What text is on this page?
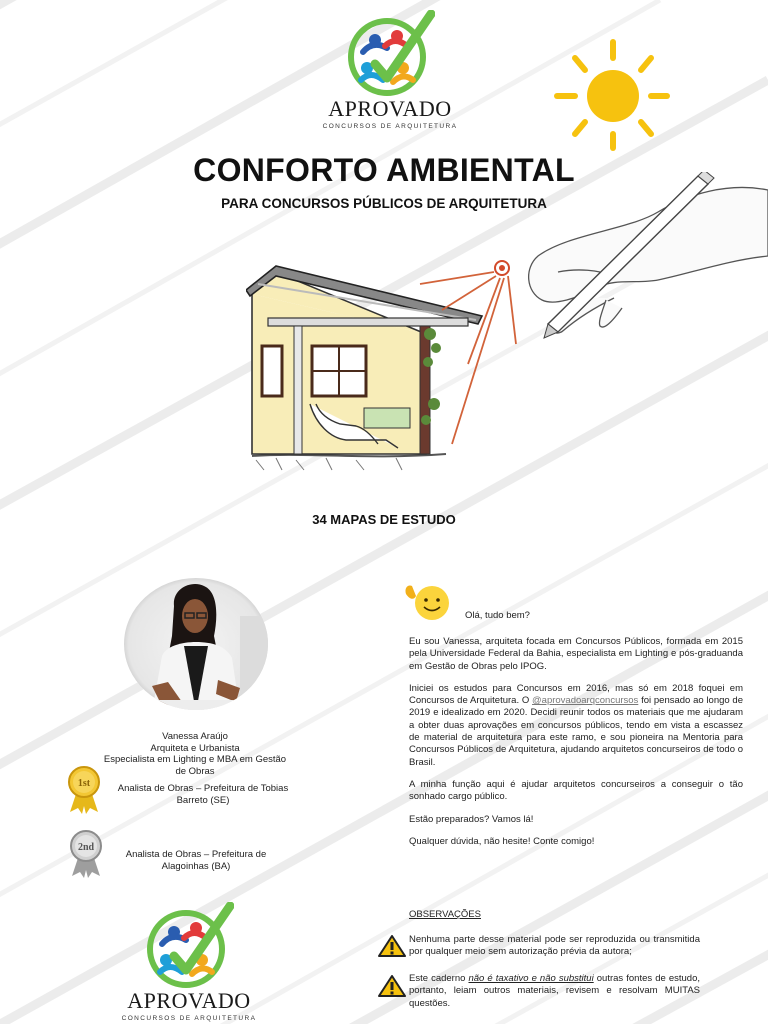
APROVADO
CONCURSOS DE ARQUITETURA
CONFORTO AMBIENTAL
PARA CONCURSOS PÚBLICOS DE ARQUITETURA
34 MAPAS DE ESTUDO
Vanessa Araújo
Arquiteta e Urbanista
Especialista em Lighting e MBA em Gestão de Obras
1st	Analista de Obras – Prefeitura de Tobias Barreto (SE)
2nd
Analista de Obras – Prefeitura de Alagoinhas (BA)
APROVADO
CONCURSOS DE ARQUITETURA
Olá, tudo bem?

Eu sou Vanessa, arquiteta focada em Concursos Públicos, formada em 2015 pela Universidade Federal da Bahia, especialista em Lighting e pós-graduanda em Gestão de Obras pelo IPOG.

Iniciei os estudos para Concursos em 2016, mas só em 2018 foquei em Concursos de Arquitetura. O @aprovadoarqconcursos foi pensado ao longo de 2019 e idealizado em 2020. Decidi reunir todos os materiais que me ajudaram a obter duas aprovações em concursos públicos, tendo em vista a escassez de material de arquitetura para este ramo, e sou pioneira na Mentoria para Concursos Públicos de Arquitetura, ajudando arquitetos concurseiros de todo o Brasil.

A minha função aqui é ajudar arquitetos concurseiros a conseguir o tão sonhado cargo público.

Estão preparados? Vamos lá!

Qualquer dúvida, não hesite! Conte comigo!

OBSERVAÇÕES
Nenhuma parte desse material pode ser reproduzida ou transmitida por qualquer meio sem autorização prévia da autora;
Este caderno não é taxativo e não substitui outras fontes de estudo, portanto, leiam outros materiais, revisem e resolvam MUITAS questões.
